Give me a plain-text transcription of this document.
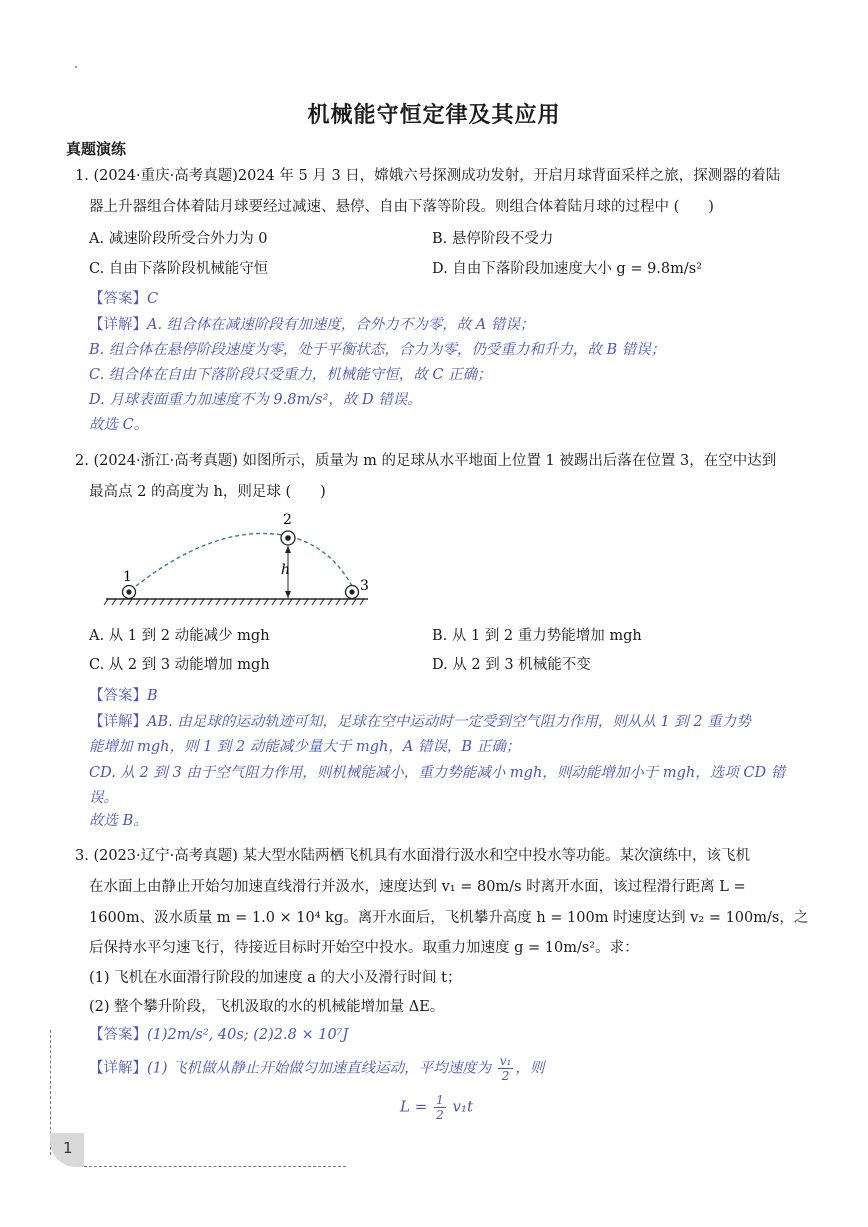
机械能守恒定律及其应用
真题演练
1. (2024·重庆·高考真题)2024 年 5 月 3 日，嫦娥六号探测成功发射，开启月球背面采样之旅，探测器的着陆
器上升器组合体着陆月球要经过减速、悬停、自由下落等阶段。则组合体着陆月球的过程中 (　　)
A. 减速阶段所受合外力为 0	B. 悬停阶段不受力
C. 自由下落阶段机械能守恒	D. 自由下落阶段加速度大小 g = 9.8m/s²
【答案】C
【详解】A. 组合体在减速阶段有加速度，合外力不为零，故 A 错误；
B. 组合体在悬停阶段速度为零，处于平衡状态，合力为零，仍受重力和升力，故 B 错误；
C. 组合体在自由下落阶段只受重力，机械能守恒，故 C 正确；
D. 月球表面重力加速度不为 9.8m/s²，故 D 错误。
故选 C。
2. (2024·浙江·高考真题) 如图所示，质量为 m 的足球从水平地面上位置 1 被踢出后落在位置 3，在空中达到
最高点 2 的高度为 h，则足球 (　　)
1
2
3
h
A. 从 1 到 2 动能减少 mgh	B. 从 1 到 2 重力势能增加 mgh
C. 从 2 到 3 动能增加 mgh	D. 从 2 到 3 机械能不变
【答案】B
【详解】AB. 由足球的运动轨迹可知，足球在空中运动时一定受到空气阻力作用，则从从 1 到 2 重力势
能增加 mgh，则 1 到 2 动能减少量大于 mgh，A 错误，B 正确；
CD. 从 2 到 3 由于空气阻力作用，则机械能减小，重力势能减小 mgh，则动能增加小于 mgh，选项 CD 错
误。
故选 B。
3. (2023·辽宁·高考真题) 某大型水陆两栖飞机具有水面滑行汲水和空中投水等功能。某次演练中，该飞机
在水面上由静止开始匀加速直线滑行并汲水，速度达到 v₁ = 80m/s 时离开水面，该过程滑行距离 L =
1600m、汲水质量 m = 1.0 × 10⁴ kg。离开水面后，飞机攀升高度 h = 100m 时速度达到 v₂ = 100m/s，之
后保持水平匀速飞行，待接近目标时开始空中投水。取重力加速度 g = 10m/s²。求：
(1) 飞机在水面滑行阶段的加速度 a 的大小及滑行时间 t；
(2) 整个攀升阶段，飞机汲取的水的机械能增加量 ΔE。
【答案】(1)2m/s², 40s; (2)2.8 × 10⁷J
【详解】(1) 飞机做从静止开始做匀加速直线运动，平均速度为 $\frac{\text{v₁}}{2}$ ，则
$L = \frac{1}{2} v_1t$
1
